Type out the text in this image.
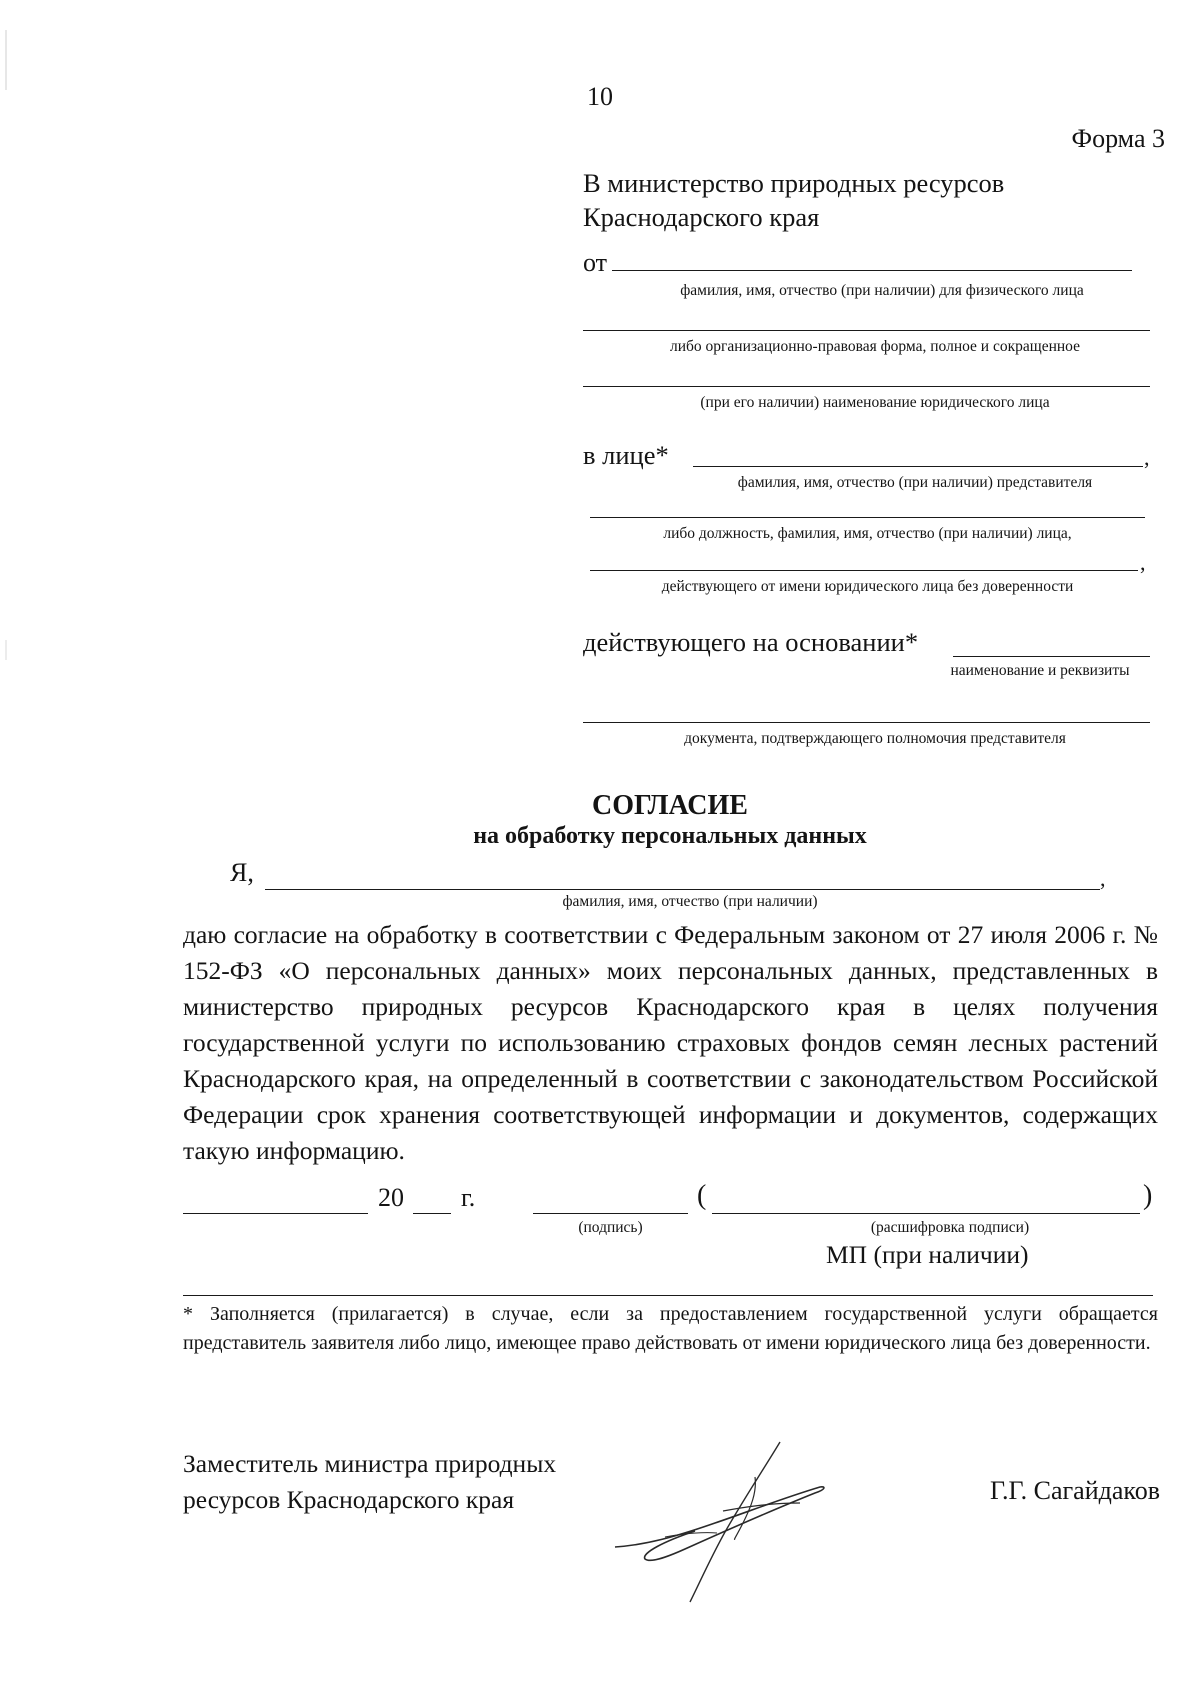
10
Форма 3
В министерство природных ресурсов
Краснодарского края
от
фамилия, имя, отчество (при наличии) для физического лица
либо организационно-правовая форма, полное и сокращенное
(при его наличии) наименование юридического лица
в лице*	,
фамилия, имя, отчество (при наличии) представителя
либо должность, фамилия, имя, отчество (при наличии) лица,
,
действующего от имени юридического лица без доверенности
действующего на основании*
наименование и реквизиты
документа, подтверждающего полномочия представителя
СОГЛАСИЕ
на обработку персональных данных
Я,	,
фамилия, имя, отчество (при наличии)
даю согласие на обработку в соответствии с Федеральным законом от 27 июля 2006 г. № 152-ФЗ «О персональных данных» моих персональных данных, представленных в министерство природных ресурсов Краснодарского края в целях получения государственной услуги по использованию страховых фондов семян лесных растений Краснодарского края, на определенный в соответствии с законодательством Российской Федерации срок хранения соответствующей информации и документов, содержащих такую информацию.
20 г.
(подпись)
(	)
(расшифровка подписи)
МП (при наличии)
* Заполняется (прилагается) в случае, если за предоставлением государственной услуги обращается представитель заявителя либо лицо, имеющее право действовать от имени юридического лица без доверенности.
Заместитель министра природных
ресурсов Краснодарского края	Г.Г. Сагайдаков
